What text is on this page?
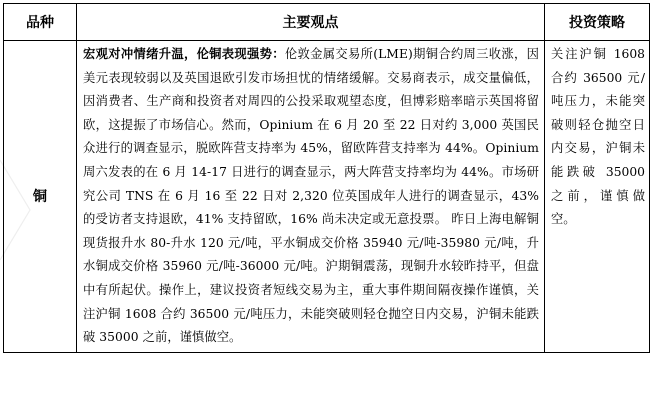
品种	主要观点	投资策略
铜	宏观对冲情绪升温，伦铜表现强势：伦敦金属交易所(LME)期铜合约周三收涨，因美元表现较弱以及英国退欧引发市场担忧的情绪缓解。交易商表示，成交量偏低，因消费者、生产商和投资者对周四的公投采取观望态度，但博彩赔率暗示英国将留欧，这提振了市场信心。然而，Opinium 在 6 月 20 至 22 日对约 3,000 英国民众进行的调查显示，脱欧阵营支持率为 45%，留欧阵营支持率为 44%。Opinium 周六发表的在 6 月 14-17 日进行的调查显示，两大阵营支持率均为 44%。市场研究公司 TNS 在 6 月 16 至 22 日对 2,320 位英国成年人进行的调查显示，43% 的受访者支持退欧，41% 支持留欧，16% 尚未决定或无意投票。 昨日上海电解铜现货报升水 80-升水 120 元/吨，平水铜成交价格 35940 元/吨-35980 元/吨，升水铜成交价格 35960 元/吨-36000 元/吨。沪期铜震荡，现铜升水较昨持平，但盘中有所起伏。操作上，建议投资者短线交易为主，重大事件期间隔夜操作谨慎，关注沪铜 1608 合约 36500 元/吨压力，未能突破则轻仓抛空日内交易，沪铜未能跌破 35000 之前，谨慎做空。	关注沪铜 1608 合约 36500 元/吨压力，未能突破则轻仓抛空日内交易，沪铜未能跌破 35000 之前，谨慎做空。
